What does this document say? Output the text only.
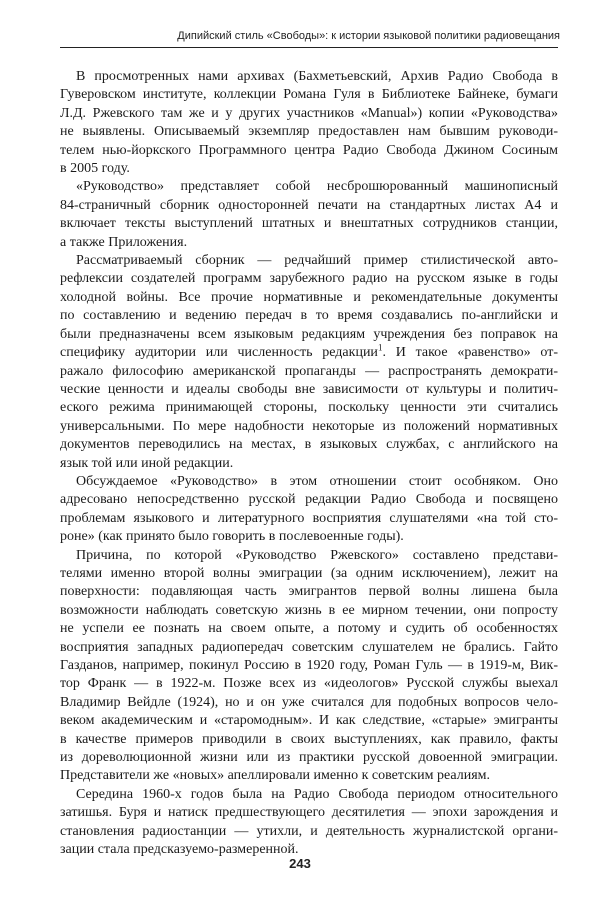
Дипийский стиль «Свободы»: к истории языковой политики радиовещания
В просмотренных нами архивах (Бахметьевский, Архив Радио Свобода в
Гуверовском институте, коллекции Романа Гуля в Библиотеке Байнеке, бумаги
Л.Д. Ржевского там же и у других участников «Manual») копии «Руководства»
не выявлены. Описываемый экземпляр предоставлен нам бывшим руководи-
телем нью-йоркского Программного центра Радио Свобода Джином Сосиным
в 2005 году.
«Руководство» представляет собой несброшюрованный машинописный
84-страничный сборник односторонней печати на стандартных листах А4 и
включает тексты выступлений штатных и внештатных сотрудников станции,
а также Приложения.
Рассматриваемый сборник — редчайший пример стилистической авто-
рефлексии создателей программ зарубежного радио на русском языке в годы
холодной войны. Все прочие нормативные и рекомендательные документы
по составлению и ведению передач в то время создавались по-английски и
были предназначены всем языковым редакциям учреждения без поправок на
специфику аудитории или численность редакции$^1$. И такое «равенство» от-
ражало философию американской пропаганды — распространять демократи-
ческие ценности и идеалы свободы вне зависимости от культуры и политич-
еского режима принимающей стороны, поскольку ценности эти считались
универсальными. По мере надобности некоторые из положений нормативных
документов переводились на местах, в языковых службах, с английского на
язык той или иной редакции.
Обсуждаемое «Руководство» в этом отношении стоит особняком. Оно
адресовано непосредственно русской редакции Радио Свобода и посвящено
проблемам языкового и литературного восприятия слушателями «на той сто-
роне» (как принято было говорить в послевоенные годы).
Причина, по которой «Руководство Ржевского» составлено представи-
телями именно второй волны эмиграции (за одним исключением), лежит на
поверхности: подавляющая часть эмигрантов первой волны лишена была
возможности наблюдать советскую жизнь в ее мирном течении, они попросту
не успели ее познать на своем опыте, а потому и судить об особенностях
восприятия западных радиопередач советским слушателем не брались. Гайто
Газданов, например, покинул Россию в 1920 году, Роман Гуль — в 1919-м, Вик-
тор Франк — в 1922-м. Позже всех из «идеологов» Русской службы выехал
Владимир Вейдле (1924), но и он уже считался для подобных вопросов чело-
веком академическим и «старомодным». И как следствие, «старые» эмигранты
в качестве примеров приводили в своих выступлениях, как правило, факты
из дореволюционной жизни или из практики русской довоенной эмиграции.
Представители же «новых» апеллировали именно к советским реалиям.
Середина 1960-х годов была на Радио Свобода периодом относительного
затишья. Буря и натиск предшествующего десятилетия — эпохи зарождения и
становления радиостанции — утихли, и деятельность журналистской органи-
зации стала предсказуемо-размеренной.
243
